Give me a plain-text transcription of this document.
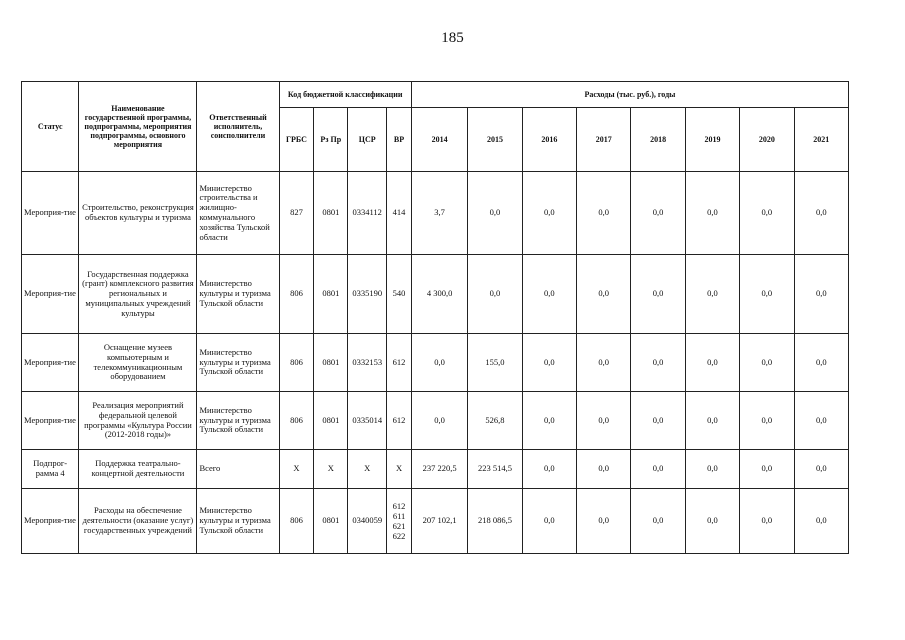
185
Статус	Наименование государственной программы, подпрограммы, мероприятия подпрограммы, основного мероприятия	Ответственный исполнитель, соисполнители	Код бюджетной классификации				Расходы (тыс. руб.), годы							
			ГРБС	Рз Пр	ЦСР	ВР	2014	2015	2016	2017	2018	2019	2020	2021
Мероприя-тие	Строительство, реконструкция объектов культуры и туризма	Министерство строительства и жилищно-коммунального хозяйства Тульской области	827	0801	0334112	414	3,7	0,0	0,0	0,0	0,0	0,0	0,0	0,0
Мероприя-тие	Государственная поддержка (грант) комплексного развития региональных и муниципальных учреждений культуры	Министерство культуры и туризма Тульской области	806	0801	0335190	540	4 300,0	0,0	0,0	0,0	0,0	0,0	0,0	0,0
Мероприя-тие	Оснащение музеев компьютерным и телекоммуникационным оборудованием	Министерство культуры и туризма Тульской области	806	0801	0332153	612	0,0	155,0	0,0	0,0	0,0	0,0	0,0	0,0
Мероприя-тие	Реализация мероприятий федеральной целевой программы «Культура России (2012-2018 годы)»	Министерство культуры и туризма Тульской области	806	0801	0335014	612	0,0	526,8	0,0	0,0	0,0	0,0	0,0	0,0
Подпрог-рамма 4	Поддержка театрально-концертной деятельности	Всего	X	X	X	X	237 220,5	223 514,5	0,0	0,0	0,0	0,0	0,0	0,0
Мероприя-тие	Расходы на обеспечение деятельности (оказание услуг) государственных учреждений	Министерство культуры и туризма Тульской области	806	0801	0340059	612 611 621 622	207 102,1	218 086,5	0,0	0,0	0,0	0,0	0,0	0,0
